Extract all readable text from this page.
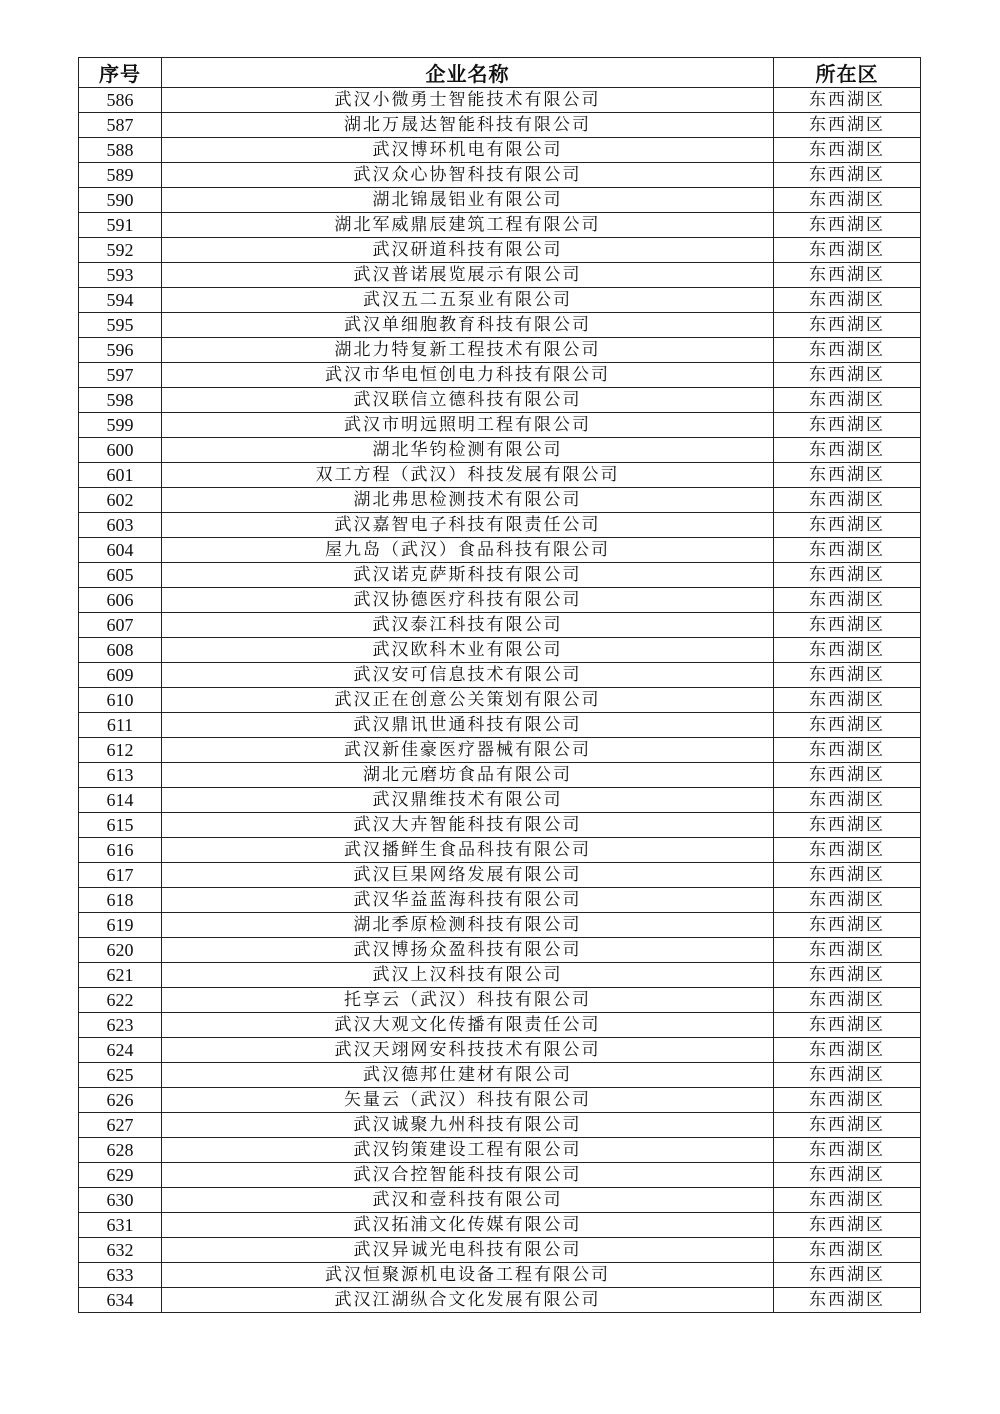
序号	企业名称	所在区
586	武汉小微勇士智能技术有限公司	东西湖区
587	湖北万晟达智能科技有限公司	东西湖区
588	武汉博环机电有限公司	东西湖区
589	武汉众心协智科技有限公司	东西湖区
590	湖北锦晟铝业有限公司	东西湖区
591	湖北军威鼎辰建筑工程有限公司	东西湖区
592	武汉研道科技有限公司	东西湖区
593	武汉普诺展览展示有限公司	东西湖区
594	武汉五二五泵业有限公司	东西湖区
595	武汉单细胞教育科技有限公司	东西湖区
596	湖北力特复新工程技术有限公司	东西湖区
597	武汉市华电恒创电力科技有限公司	东西湖区
598	武汉联信立德科技有限公司	东西湖区
599	武汉市明远照明工程有限公司	东西湖区
600	湖北华钧检测有限公司	东西湖区
601	双工方程（武汉）科技发展有限公司	东西湖区
602	湖北弗思检测技术有限公司	东西湖区
603	武汉嘉智电子科技有限责任公司	东西湖区
604	屋九岛（武汉）食品科技有限公司	东西湖区
605	武汉诺克萨斯科技有限公司	东西湖区
606	武汉协德医疗科技有限公司	东西湖区
607	武汉泰江科技有限公司	东西湖区
608	武汉欧科木业有限公司	东西湖区
609	武汉安可信息技术有限公司	东西湖区
610	武汉正在创意公关策划有限公司	东西湖区
611	武汉鼎讯世通科技有限公司	东西湖区
612	武汉新佳豪医疗器械有限公司	东西湖区
613	湖北元磨坊食品有限公司	东西湖区
614	武汉鼎维技术有限公司	东西湖区
615	武汉大卉智能科技有限公司	东西湖区
616	武汉播鲜生食品科技有限公司	东西湖区
617	武汉巨果网络发展有限公司	东西湖区
618	武汉华益蓝海科技有限公司	东西湖区
619	湖北季原检测科技有限公司	东西湖区
620	武汉博扬众盈科技有限公司	东西湖区
621	武汉上汉科技有限公司	东西湖区
622	托享云（武汉）科技有限公司	东西湖区
623	武汉大观文化传播有限责任公司	东西湖区
624	武汉天翊网安科技技术有限公司	东西湖区
625	武汉德邦仕建材有限公司	东西湖区
626	矢量云（武汉）科技有限公司	东西湖区
627	武汉诚聚九州科技有限公司	东西湖区
628	武汉钧策建设工程有限公司	东西湖区
629	武汉合控智能科技有限公司	东西湖区
630	武汉和壹科技有限公司	东西湖区
631	武汉拓浦文化传媒有限公司	东西湖区
632	武汉异诚光电科技有限公司	东西湖区
633	武汉恒聚源机电设备工程有限公司	东西湖区
634	武汉江湖纵合文化发展有限公司	东西湖区
